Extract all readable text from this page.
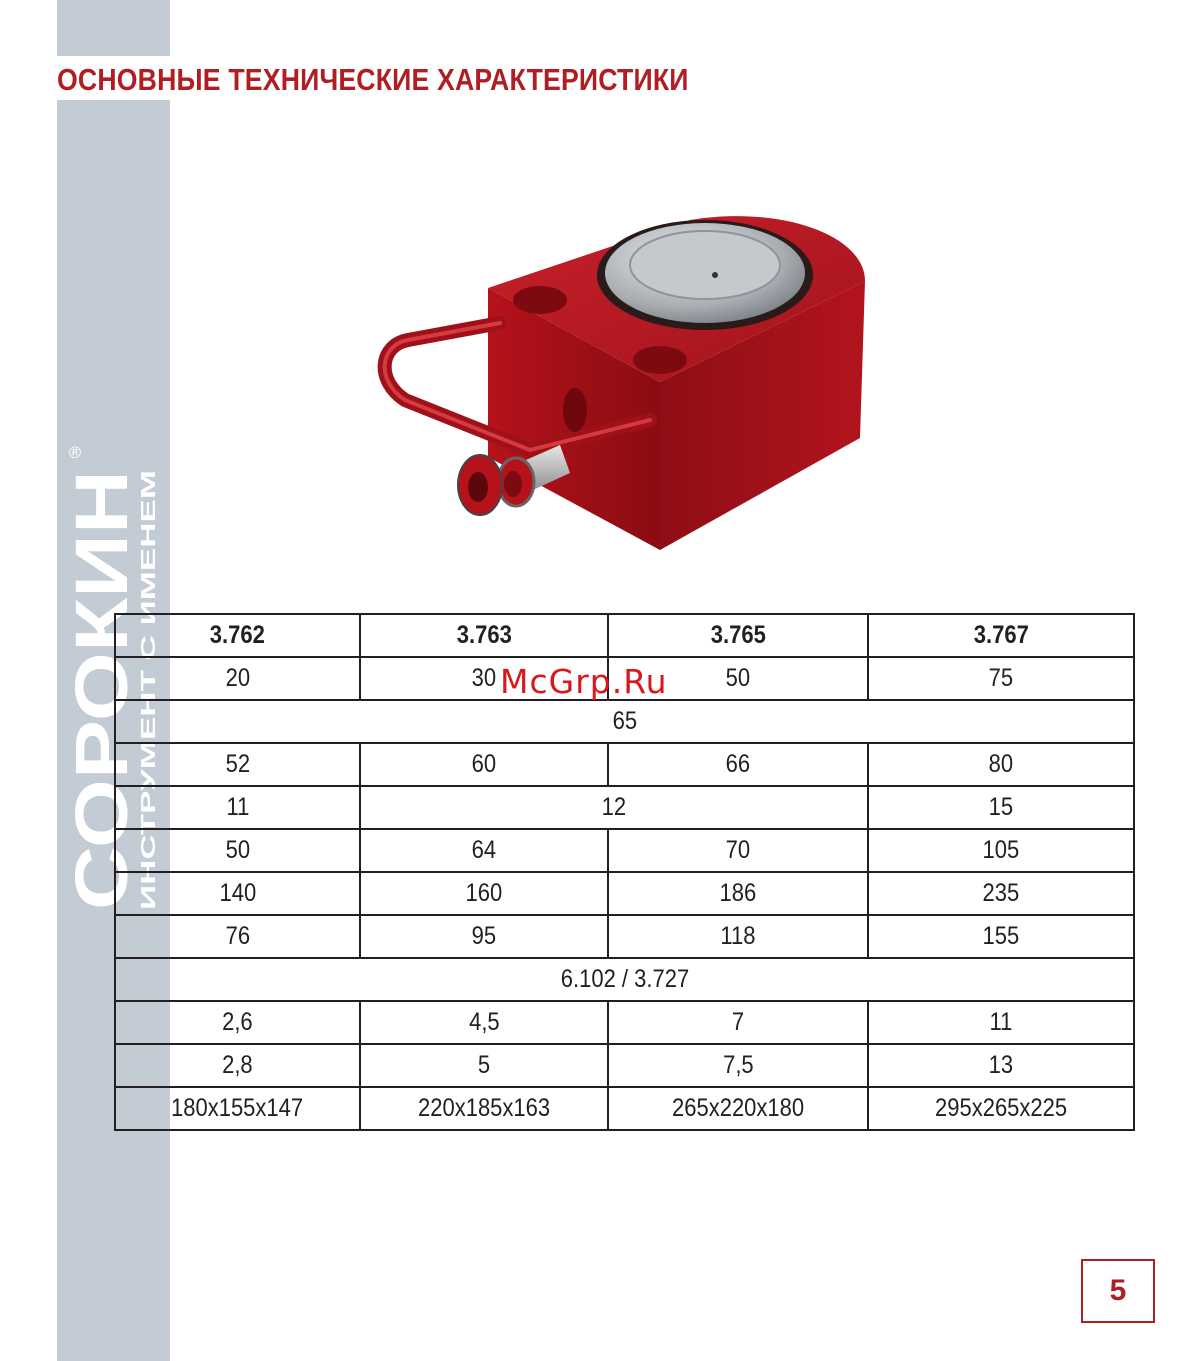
СОРОКИН
ИНСТРУМЕНТ С ИМЕНЕМ
®
ОСНОВНЫЕ ТЕХНИЧЕСКИЕ ХАРАКТЕРИСТИКИ
3.762	3.763	3.765	3.767
20	30	50	75
65			
52	60	66	80
11	12		15
50	64	70	105
140	160	186	235
76	95	118	155
6.102 / 3.727			
2,6	4,5	7	11
2,8	5	7,5	13
180x155x147	220x185x163	265x220x180	295x265x225
McGrp.Ru
5
